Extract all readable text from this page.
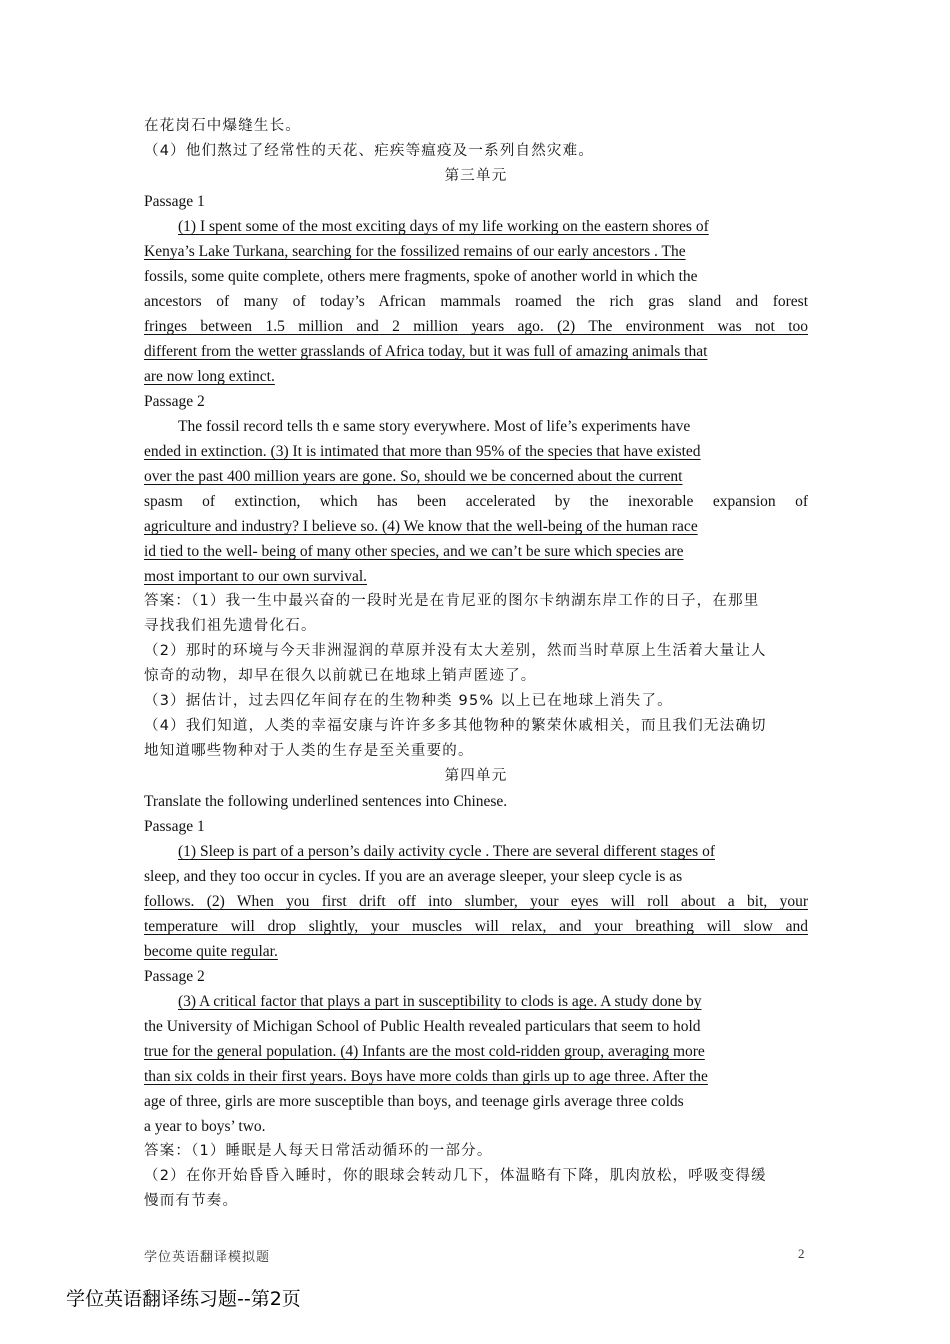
在花岗石中爆缝生长。
（4）他们熬过了经常性的天花、疟疾等瘟疫及一系列自然灾难。
第三单元
Passage 1
(1) I spent some of the most exciting days of my life working on the eastern shores of
Kenya’s Lake Turkana, searching for the fossilized remains of our early ancestors . The
fossils, some quite complete, others mere fragments, spoke of another world in which the
ancestors of many of today’s African mammals roamed the rich gras sland and forest
fringes between 1.5 million and 2 million years ago. (2) The environment was not too
different from the wetter grasslands of Africa today, but it was full of amazing animals that
are now long extinct.
Passage 2
The fossil record tells th e same story everywhere. Most of life’s experiments have
ended in extinction. (3) It is intimated that more than 95% of the species that have existed
over the past 400 million years are gone. So, should we be concerned about the current
spasm of extinction, which has been accelerated by the inexorable expansion of
agriculture and industry? I believe so. (4) We know that the well-being of the human race
id tied to the well- being of many other species, and we can’t be sure which species are
most important to our own survival.
答案：（1）我一生中最兴奋的一段时光是在肯尼亚的图尔卡纳湖东岸工作的日子，在那里
寻找我们祖先遗骨化石。
（2）那时的环境与今天非洲湿润的草原并没有太大差别，然而当时草原上生活着大量让人
惊奇的动物，却早在很久以前就已在地球上销声匿迹了。
（3）据估计，过去四亿年间存在的生物种类 95% 以上已在地球上消失了。
（4）我们知道，人类的幸福安康与许许多多其他物种的繁荣休戚相关，而且我们无法确切
地知道哪些物种对于人类的生存是至关重要的。
第四单元
Translate the following underlined sentences into Chinese.
Passage 1
(1) Sleep is part of a person’s daily activity cycle . There are several different stages of
sleep, and they too occur in cycles. If you are an average sleeper, your sleep cycle is as
follows. (2) When you first drift off into slumber, your eyes will roll about a bit, your
temperature will drop slightly, your muscles will relax, and your breathing will slow and
become quite regular.
Passage 2
(3) A critical factor that plays a part in susceptibility to clods is age. A study done by
the University of Michigan School of Public Health revealed particulars that seem to hold
true for the general population. (4) Infants are the most cold-ridden group, averaging more
than six colds in their first years. Boys have more colds than girls up to age three. After the
age of three, girls are more susceptible than boys, and teenage girls average three colds
a year to boys’ two.
答案：（1）睡眠是人每天日常活动循环的一部分。
（2）在你开始昏昏入睡时，你的眼球会转动几下，体温略有下降，肌肉放松，呼吸变得缓
慢而有节奏。
学位英语翻译模拟题	2
学位英语翻译练习题--第2页
